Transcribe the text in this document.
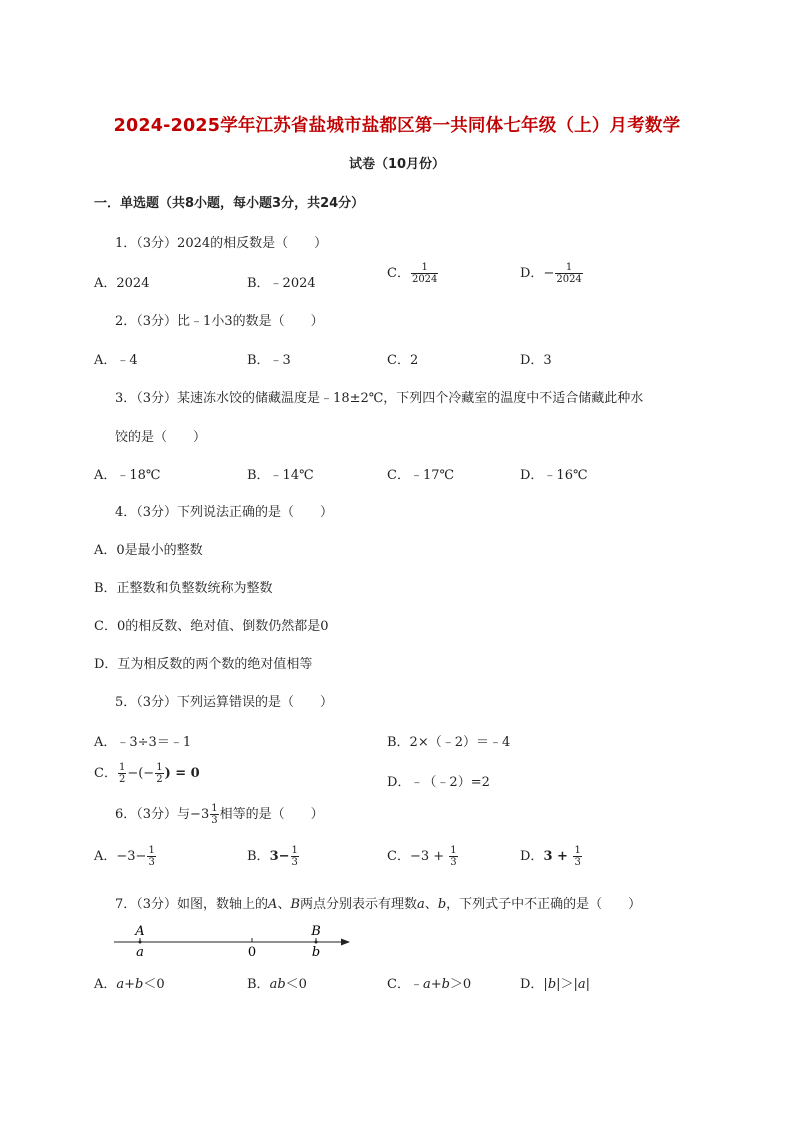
2024-2025学年江苏省盐城市盐都区第一共同体七年级（上）月考数学
试卷（10月份）
一．单选题（共8小题，每小题3分，共24分）
1．（3分）2024的相反数是（　　）
A．2024	B．﹣2024
C． $\frac{1}{2024}$	D．− $\frac{1}{2024}$
2．（3分）比﹣1小3的数是（　　）
A．﹣4	B．﹣3	C．2	D．3
3．（3分）某速冻水饺的储藏温度是﹣18±2℃，下列四个冷藏室的温度中不适合储藏此种水
饺的是（　　）
A．﹣18℃	B．﹣14℃	C．﹣17℃	D．﹣16℃
4．（3分）下列说法正确的是（　　）
A．0是最小的整数
B．正整数和负整数统称为整数
C．0的相反数、绝对值、倒数仍然都是0
D．互为相反数的两个数的绝对值相等
5．（3分）下列运算错误的是（　　）
A．﹣3÷3＝﹣1	B．2×（﹣2）＝﹣4
C． $\frac{1}{2}$ −(− $\frac{1}{2}$ ) = 0
D．﹣（﹣2）=2
6．（3分）与$-3 \frac{1}{3}$ 相等的是（　　）
A．$-3- \frac{1}{3}$	B．$3- \frac{1}{3}$	C．$-3 + \frac{1}{3}$	D．$3 + \frac{1}{3}$
7．（3分）如图，数轴上的A、B两点分别表示有理数a、b，下列式子中不正确的是（　　）
A
a	0
B
b
A．a+b＜0	B．ab＜0	C．﹣a+b＞0	D．|b|＞|a|
